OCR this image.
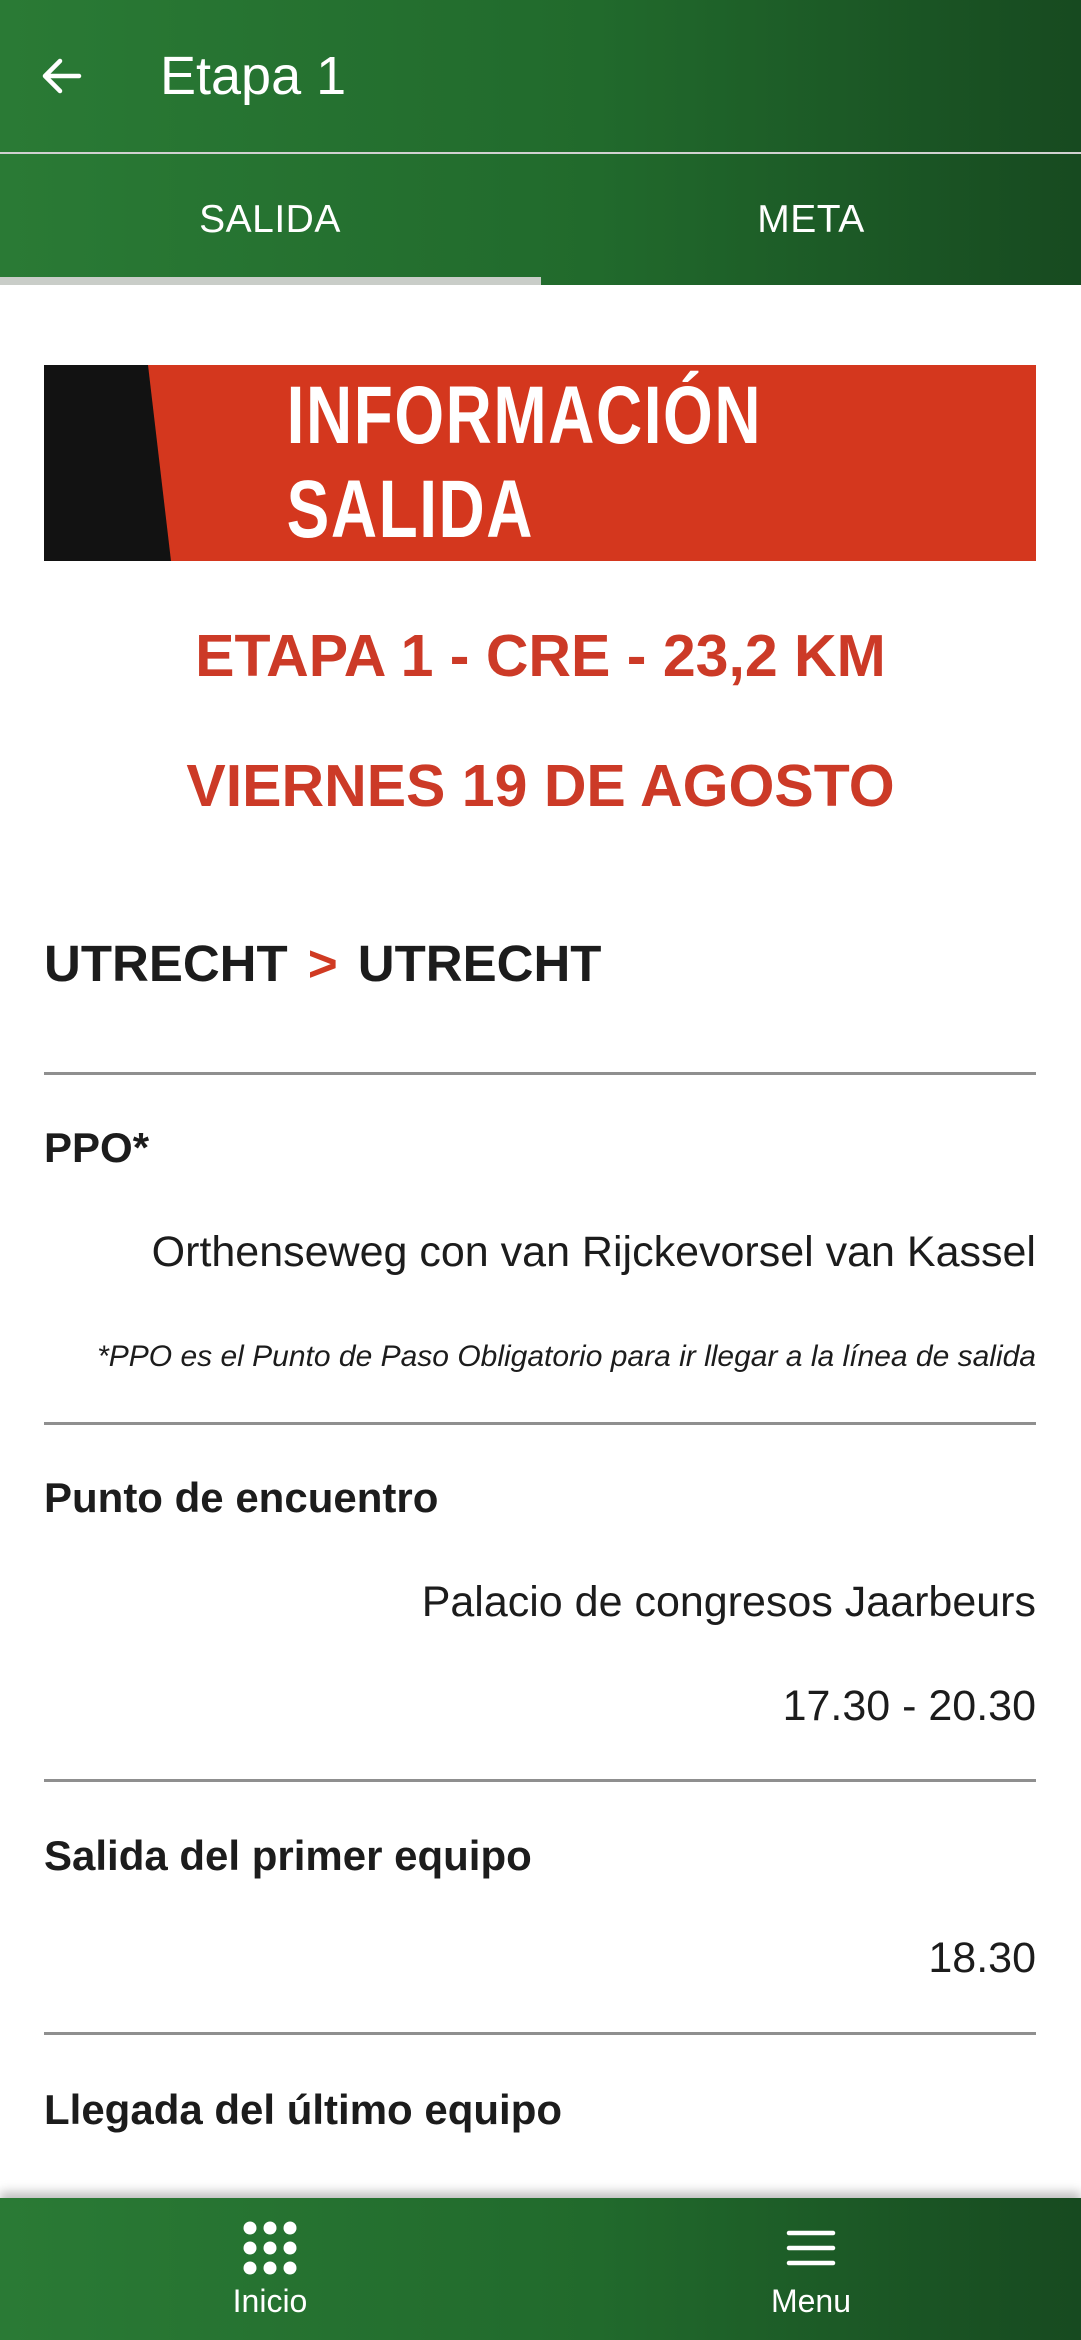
Etapa 1
SALIDA	META
INFORMACIÓN SALIDA
ETAPA 1 - CRE - 23,2 KM
VIERNES 19 DE AGOSTO
UTRECHT > UTRECHT
PPO*
Orthenseweg con van Rijckevorsel van Kassel
*PPO es el Punto de Paso Obligatorio para ir llegar a la línea de salida
Punto de encuentro
Palacio de congresos Jaarbeurs
17.30 - 20.30
Salida del primer equipo
18.30
Llegada del último equipo
Inicio	Menu
